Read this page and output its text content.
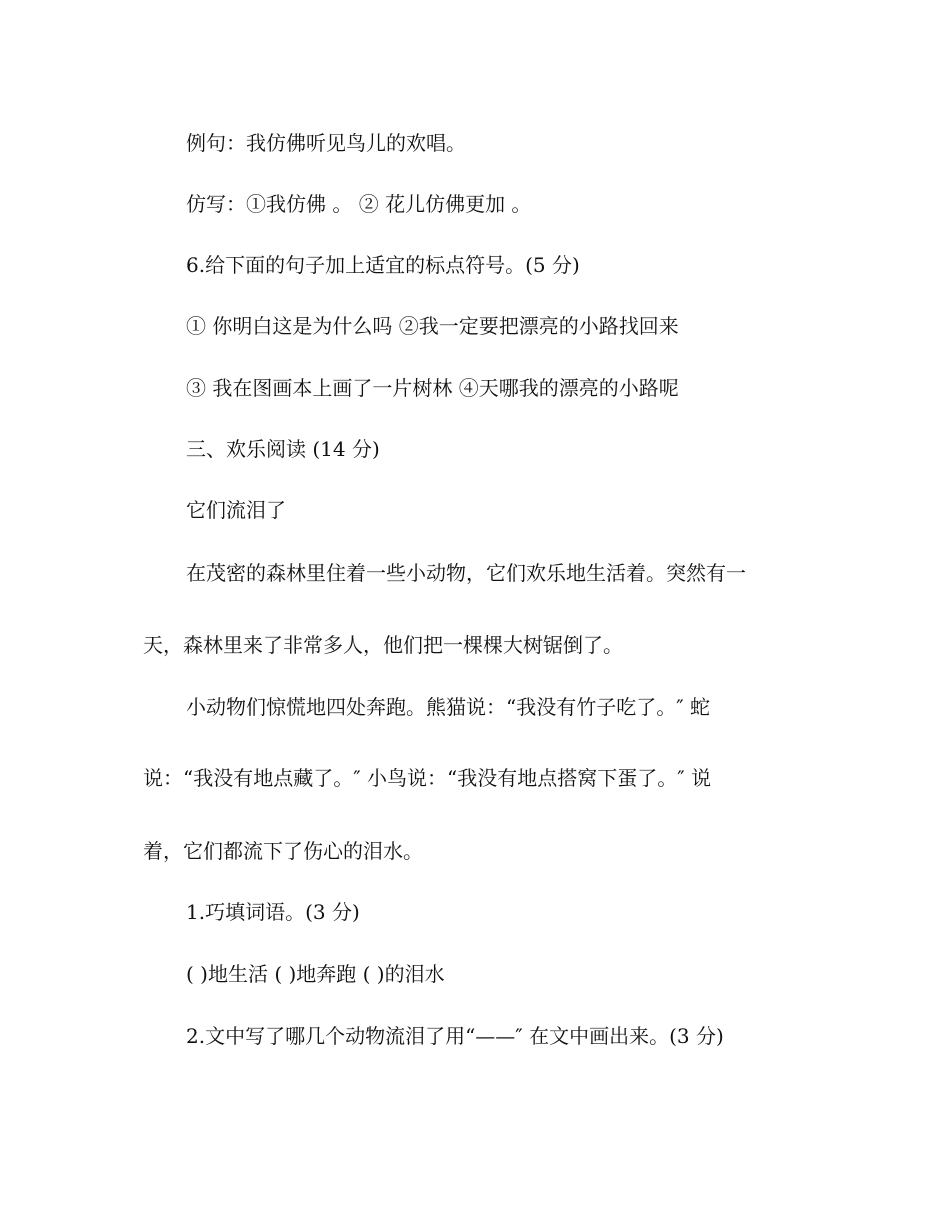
例句：我仿佛听见鸟儿的欢唱。
仿写：①我仿佛 。 ② 花儿仿佛更加 。
6.给下面的句子加上适宜的标点符号。(5 分)
① 你明白这是为什么吗 ②我一定要把漂亮的小路找回来
③ 我在图画本上画了一片树林 ④天哪我的漂亮的小路呢
三、欢乐阅读 (14 分)
它们流泪了
在茂密的森林里住着一些小动物，它们欢乐地生活着。突然有一
天，森林里来了非常多人，他们把一棵棵大树锯倒了。
小动物们惊慌地四处奔跑。熊猫说：“我没有竹子吃了。″ 蛇
说：“我没有地点藏了。″ 小鸟说：“我没有地点搭窝下蛋了。″ 说
着，它们都流下了伤心的泪水。
1.巧填词语。(3 分)
( )地生活 ( )地奔跑 ( )的泪水
2.文中写了哪几个动物流泪了用“——″ 在文中画出来。(3 分)
